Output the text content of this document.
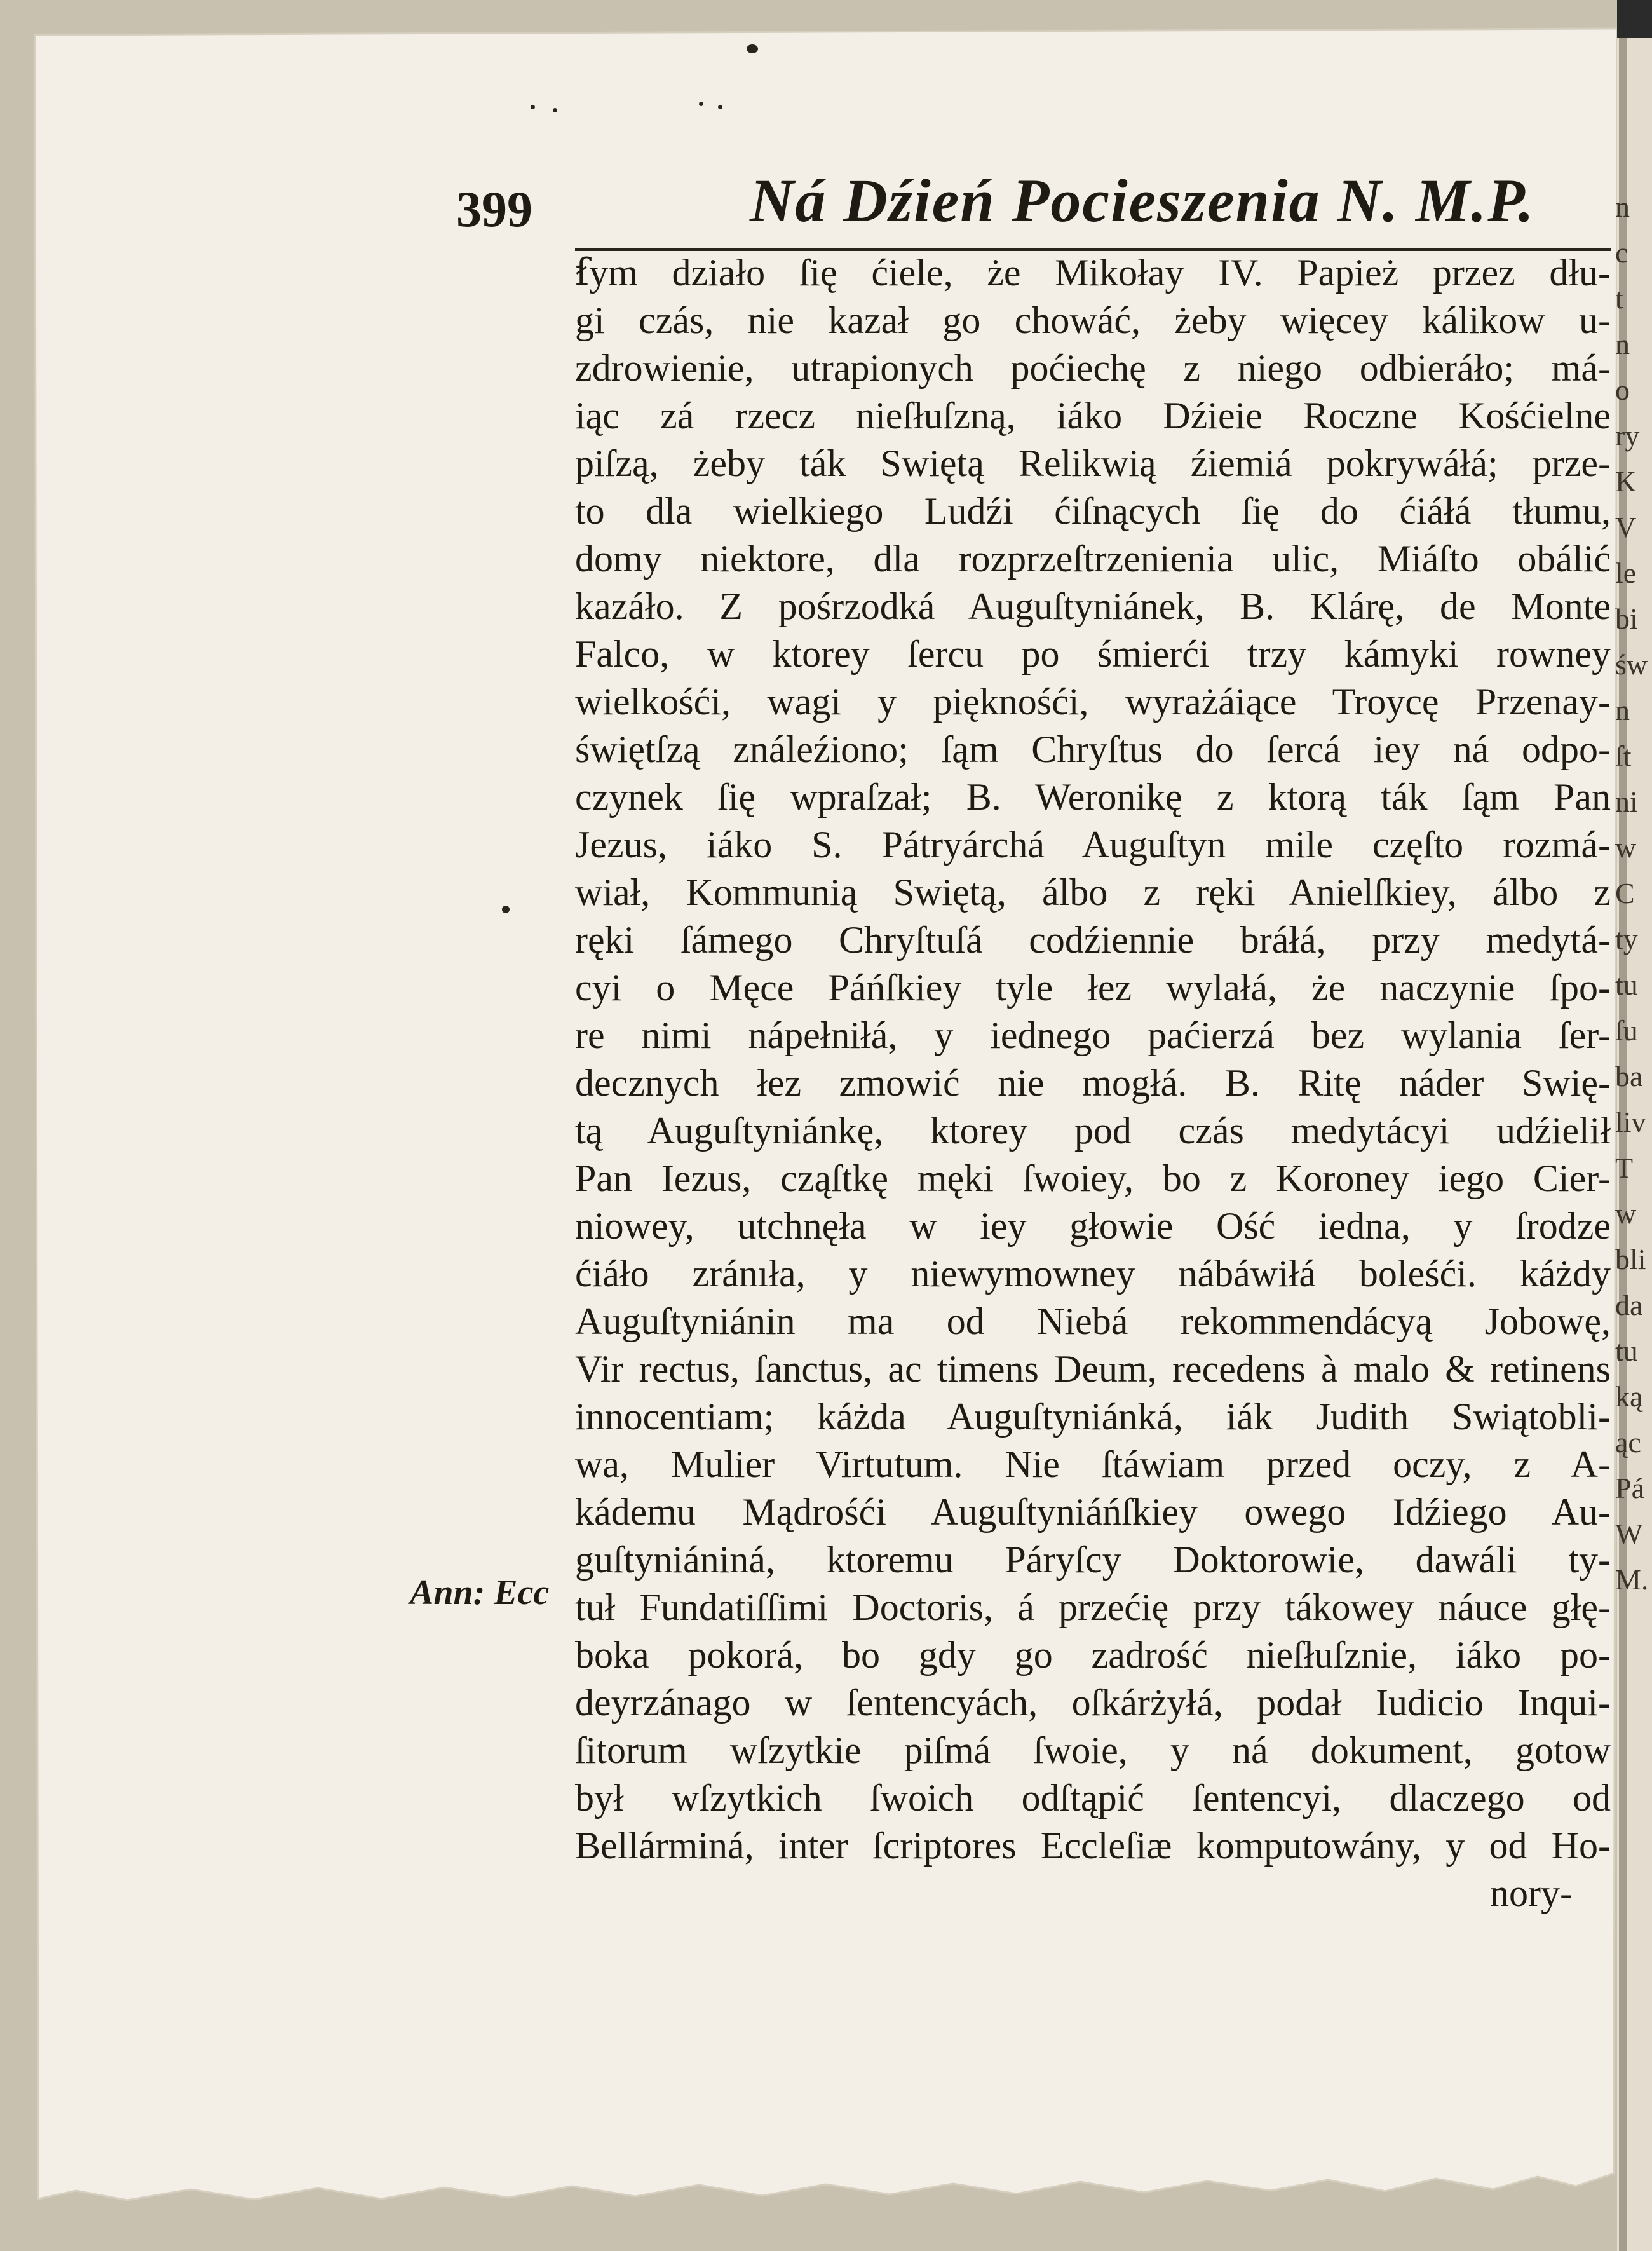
399	Ná Dźień Pocieszenia N. M.P.
ẜym działo ſię ćiele, że Mikołay IV. Papież przez dłu-
gi czás, nie kazał go chowáć, żeby więcey kálikow u-
zdrowienie, utrapionych poćiechę z niego odbieráło; má-
iąc zá rzecz nieſłuſzną, iáko Dźieie Roczne Kośćielne
piſzą, żeby ták Swiętą Relikwią źiemiá pokrywáłá; prze-
to dla wielkiego Ludźi ćiſnących ſię do ćiáłá tłumu,
domy niektore, dla rozprzeſtrzenienia ulic, Miáſto obálić
kazáło. Z pośrzodká Auguſtyniánek, B. Klárę, de Monte
Falco, w ktorey ſercu po śmierći trzy kámyki rowney
wielkośći, wagi y pięknośći, wyrażáiące Troycę Przenay-
świętſzą ználeźiono; ſąm Chryſtus do ſercá iey ná odpo-
czynek ſię wpraſzał; B. Weronikę z ktorą ták ſąm Pan
Jezus, iáko S. Pátryárchá Auguſtyn mile częſto rozmá-
wiał, Kommunią Swiętą, álbo z ręki Anielſkiey, álbo z
ręki ſámego Chryſtuſá codźiennie bráłá, przy medytá-
cyi o Męce Páńſkiey tyle łez wylałá, że naczynie ſpo-
re nimi nápełniłá, y iednego paćierzá bez wylania ſer-
decznych łez zmowić nie mogłá. B. Ritę náder Swię-
tą Auguſtyniánkę, ktorey pod czás medytácyi udźielił
Pan Iezus, cząſtkę męki ſwoiey, bo z Koroney iego Cier-
niowey, utchnęła w iey głowie Ość iedna, y ſrodze
ćiáło zránıła, y niewymowney nábáwiłá boleśći. káżdy
Auguſtyniánin ma od Niebá rekommendácyą Jobowę,
Vir rectus, ſanctus, ac timens Deum, recedens à malo & retinens
innocentiam; káżda Auguſtyniánká, iák Judith Swiątobli-
wa, Mulier Virtutum. Nie ſtáwiam przed oczy, z A-
kádemu Mądrośći Auguſtyniáńſkiey owego Idźiego Au-
guſtyniániná, ktoremu Páryſcy Doktorowie, dawáli ty-
tuł Fundatiſſimi Doctoris, á przećię przy tákowey náuce głę-
boka pokorá, bo gdy go zadrość nieſłuſznie, iáko po-
deyrzánago w ſentencyách, oſkárżyłá, podał Iudicio Inqui-
ſitorum wſzytkie piſmá ſwoie, y ná dokument, gotow
był wſzytkich ſwoich odſtąpić ſentencyi, dlaczego od
Bellárminá, inter ſcriptores Eccleſiæ komputowány, y od Ho-
nory-
Ann: Ecc
n
c
t
n
o
ry
K
V
le
bi
św
n
ſt
ni
w
C
ty
tu
ſu
ba
liv
T
w
bli
da
tu
ką
ąc
Pá
W
M.
